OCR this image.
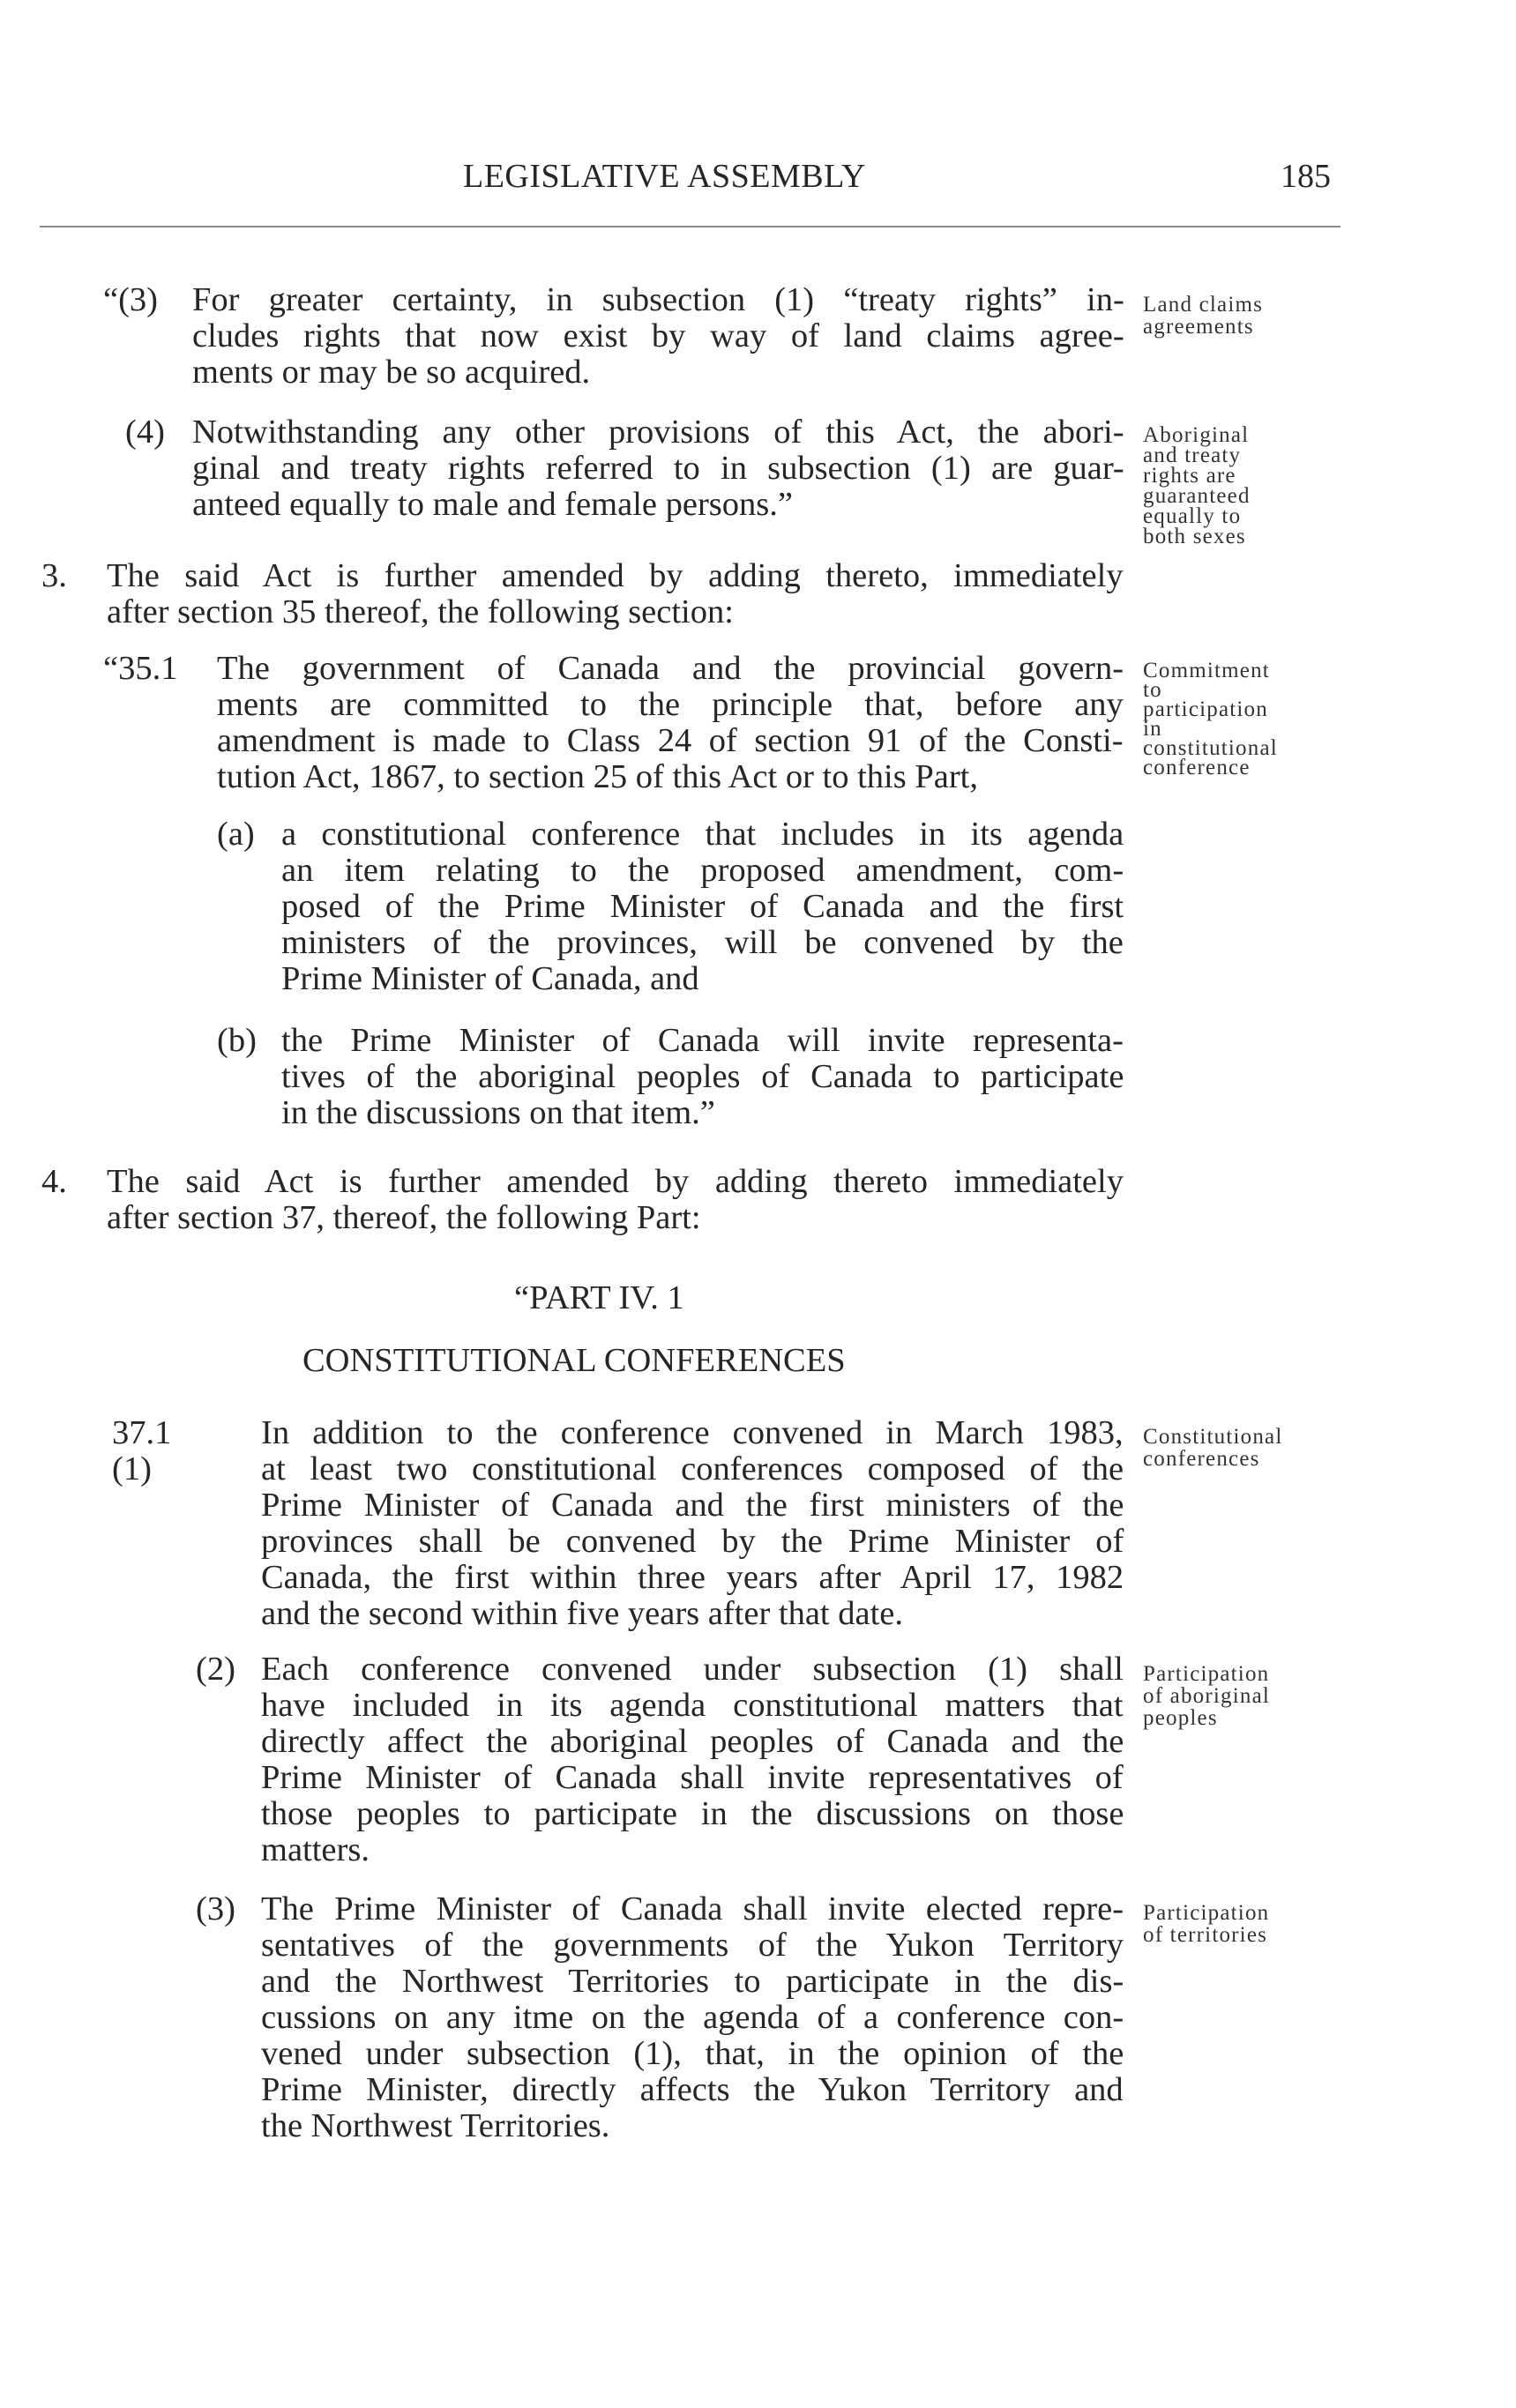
LEGISLATIVE ASSEMBLY	185
“(3) For greater certainty, in subsection (1) “treaty rights” in-
cludes rights that now exist by way of land claims agree-
ments or may be so acquired.
(4) Notwithstanding any other provisions of this Act, the abori-
ginal and treaty rights referred to in subsection (1) are guar-
anteed equally to male and female persons.”
3. The said Act is further amended by adding thereto, immediately
after section 35 thereof, the following section:
“35.1 The government of Canada and the provincial govern-
ments are committed to the principle that, before any
amendment is made to Class 24 of section 91 of the Consti-
tution Act, 1867, to section 25 of this Act or to this Part,
(a) a constitutional conference that includes in its agenda
an item relating to the proposed amendment, com-
posed of the Prime Minister of Canada and the first
ministers of the provinces, will be convened by the
Prime Minister of Canada, and
(b) the Prime Minister of Canada will invite representa-
tives of the aboriginal peoples of Canada to participate
in the discussions on that item.”
4. The said Act is further amended by adding thereto immediately
after section 37, thereof, the following Part:
“PART IV. 1
CONSTITUTIONAL CONFERENCES
37.1 (1)
In addition to the conference convened in March 1983,
at least two constitutional conferences composed of the
Prime Minister of Canada and the first ministers of the
provinces shall be convened by the Prime Minister of
Canada, the first within three years after April 17, 1982
and the second within five years after that date.
(2) Each conference convened under subsection (1) shall
have included in its agenda constitutional matters that
directly affect the aboriginal peoples of Canada and the
Prime Minister of Canada shall invite representatives of
those peoples to participate in the discussions on those
matters.
(3) The Prime Minister of Canada shall invite elected repre-
sentatives of the governments of the Yukon Territory
and the Northwest Territories to participate in the dis-
cussions on any itme on the agenda of a conference con-
vened under subsection (1), that, in the opinion of the
Prime Minister, directly affects the Yukon Territory and
the Northwest Territories.
Land claims
agreements
Aboriginal
and treaty
rights are
guaranteed
equally to
both sexes
Commitment
to
participation
in
constitutional
conference
Constitutional
conferences
Participation
of aboriginal
peoples
Participation
of territories
